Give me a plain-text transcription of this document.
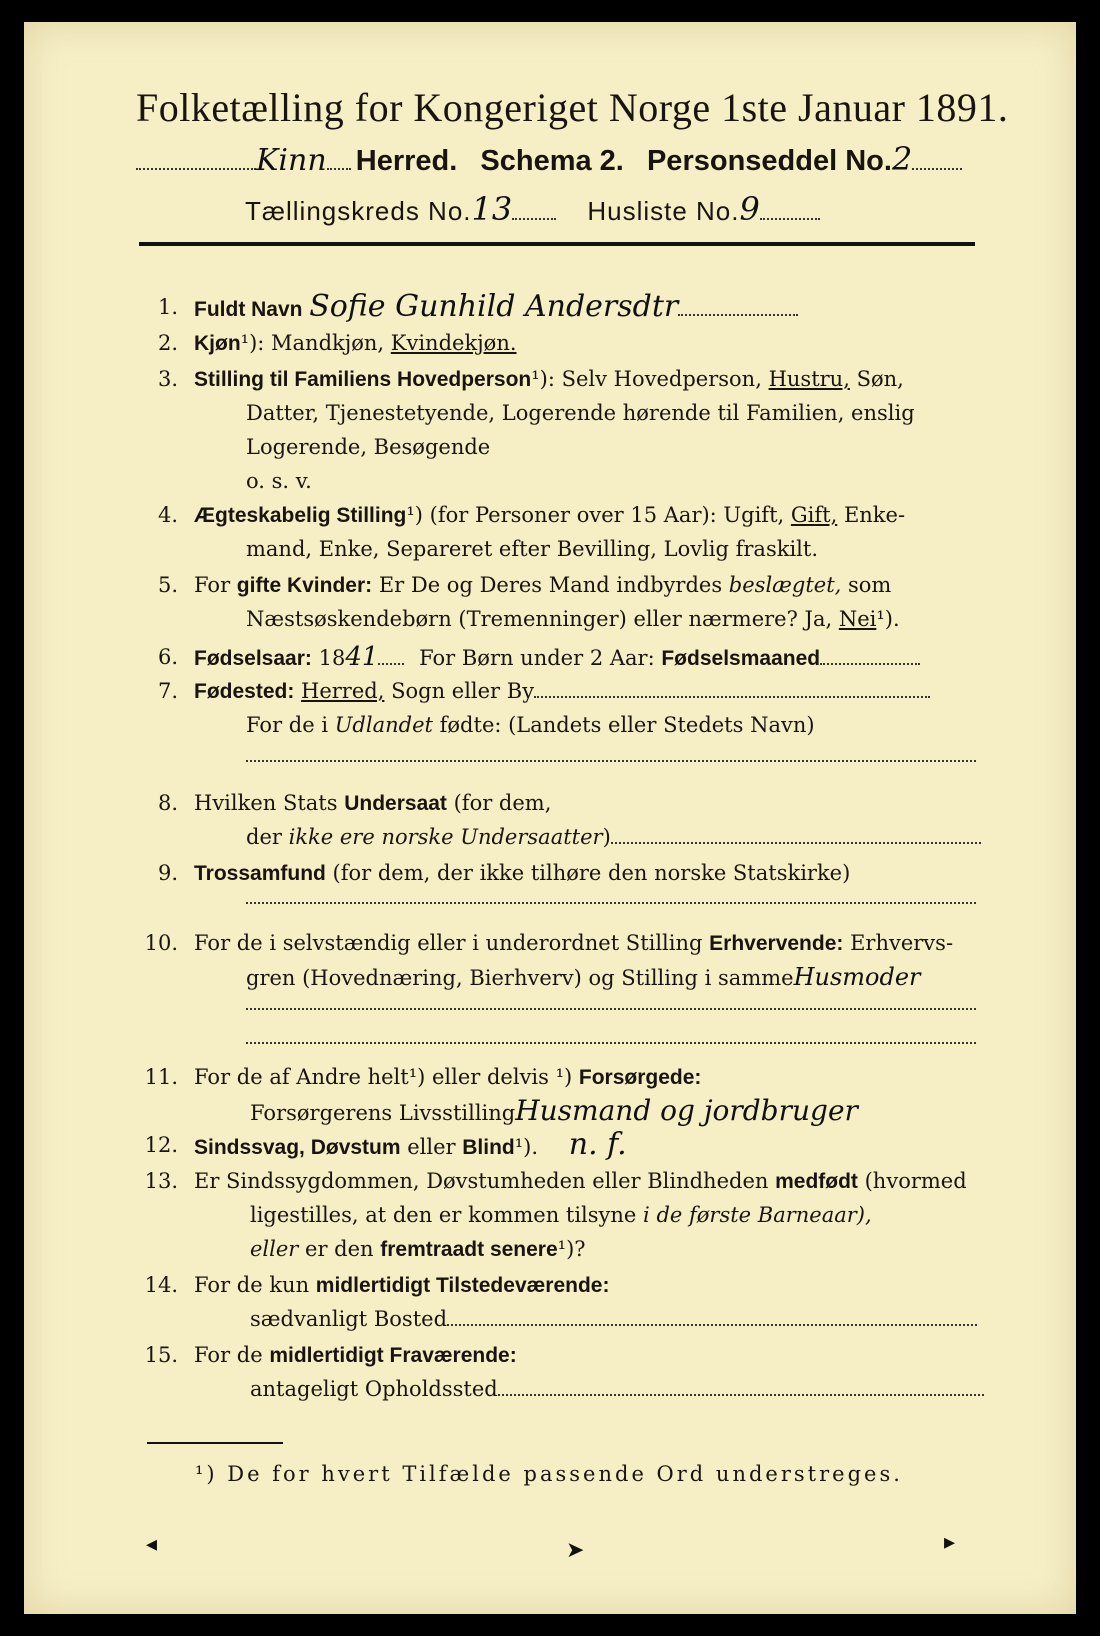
Folketælling for Kongeriget Norge 1ste Januar 1891.
Kinn Herred. Schema 2. Personseddel No.2
Tællingskreds No.13	Husliste No.9
1. Fuldt Navn Sofie Gunhild Andersdtr
2. Kjøn¹): Mandkjøn, Kvindekjøn.
3. Stilling til Familiens Hovedperson¹): Selv Hovedperson, Hustru, Søn,
Datter, Tjenestetyende, Logerende hørende til Familien, enslig
Logerende, Besøgende
o. s. v.
4. Ægteskabelig Stilling¹) (for Personer over 15 Aar): Ugift, Gift, Enke-
mand, Enke, Separeret efter Bevilling, Lovlig fraskilt.
5. For gifte Kvinder: Er De og Deres Mand indbyrdes beslægtet, som
Næstsøskendebørn (Tremenninger) eller nærmere? Ja, Nei¹).
6. Fødselsaar: 1841 For Børn under 2 Aar: Fødselsmaaned
7. Fødested: Herred, Sogn eller By
For de i Udlandet fødte: (Landets eller Stedets Navn)
8. Hvilken Stats Undersaat (for dem,
der ikke ere norske Undersaatter)
9. Trossamfund (for dem, der ikke tilhøre den norske Statskirke)
10. For de i selvstændig eller i underordnet Stilling Erhvervende: Erhvervs-
gren (Hovednæring, Bierhverv) og Stilling i sammeHusmoder
11. For de af Andre helt¹) eller delvis ¹) Forsørgede:
Forsørgerens LivsstillingHusmand og jordbruger
12. Sindssvag, Døvstum eller Blind¹). n. f.
13. Er Sindssygdommen, Døvstumheden eller Blindheden medfødt (hvormed
ligestilles, at den er kommen tilsyne i de første Barneaar),
eller er den fremtraadt senere¹)?
14. For de kun midlertidigt Tilstedeværende:
sædvanligt Bosted
15. For de midlertidigt Fraværende:
antageligt Opholdssted
¹) De for hvert Tilfælde passende Ord understreges.
◂	➤	▸
